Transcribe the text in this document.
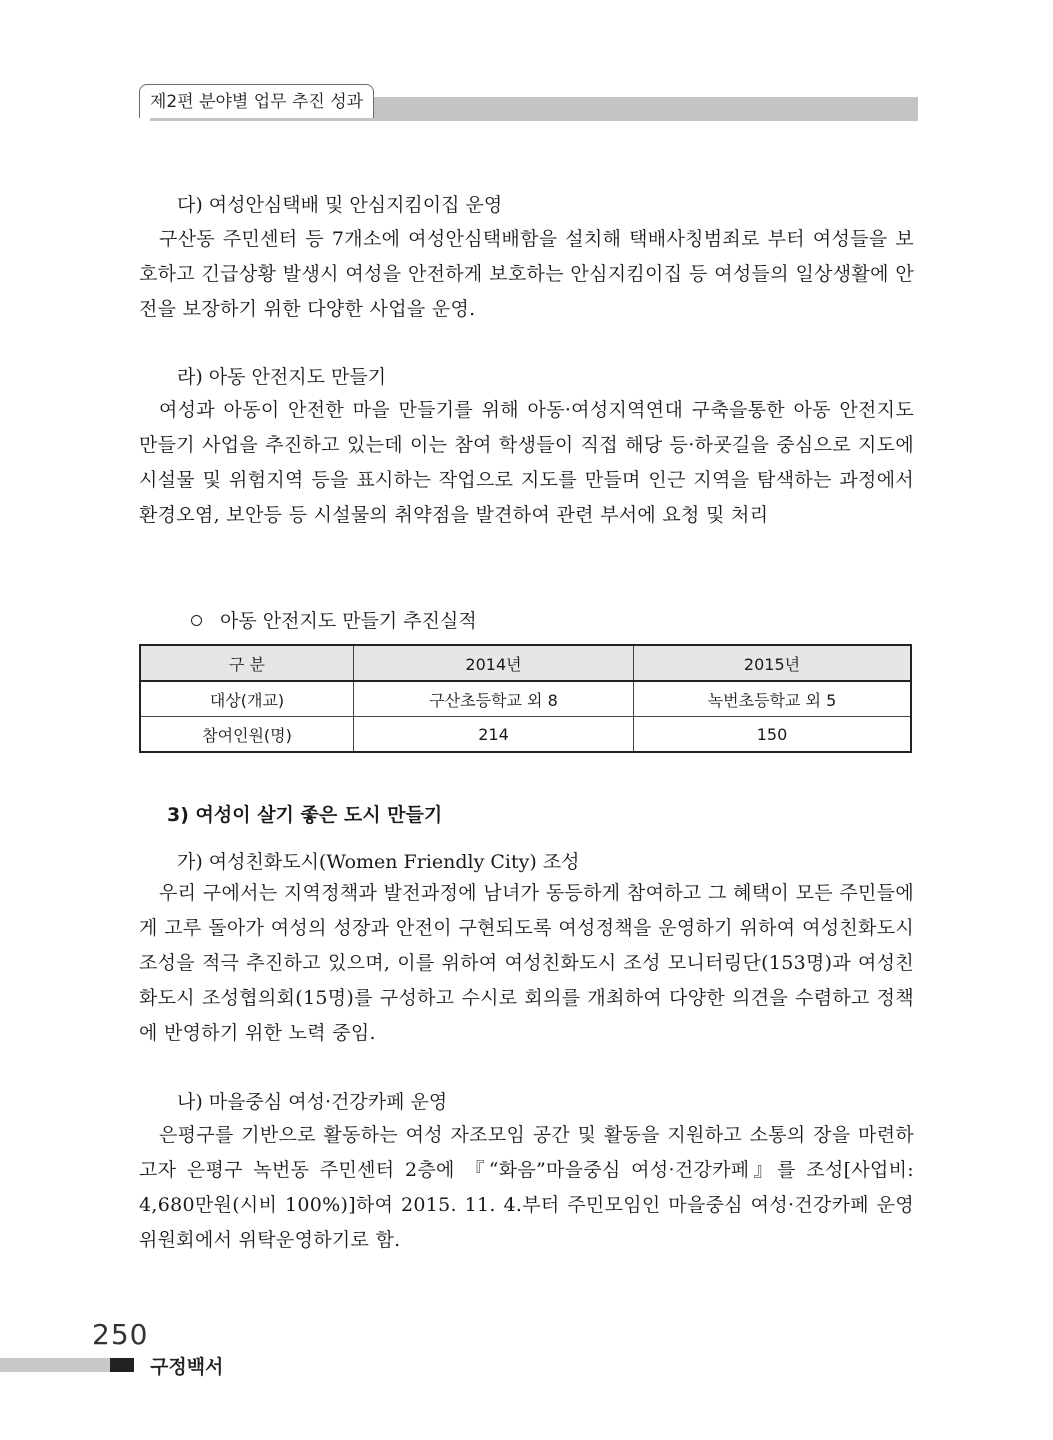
제2편 분야별 업무 추진 성과
다) 여성안심택배 및 안심지킴이집 운영
구산동 주민센터 등 7개소에 여성안심택배함을 설치해 택배사칭범죄로 부터 여성들을 보호하고 긴급상황 발생시 여성을 안전하게 보호하는 안심지킴이집 등 여성들의 일상생활에 안전을 보장하기 위한 다양한 사업을 운영.
라) 아동 안전지도 만들기
여성과 아동이 안전한 마을 만들기를 위해 아동·여성지역연대 구축을통한 아동 안전지도 만들기 사업을 추진하고 있는데 이는 참여 학생들이 직접 해당 등·하굣길을 중심으로 지도에 시설물 및 위험지역 등을 표시하는 작업으로 지도를 만들며 인근 지역을 탐색하는 과정에서 환경오염, 보안등 등 시설물의 취약점을 발견하여 관련 부서에 요청 및 처리
아동 안전지도 만들기 추진실적
구 분	2014년	2015년
대상(개교)	구산초등학교 외 8	녹번초등학교 외 5
참여인원(명)	214	150
3) 여성이 살기 좋은 도시 만들기
가) 여성친화도시(Women Friendly City) 조성
우리 구에서는 지역정책과 발전과정에 남녀가 동등하게 참여하고 그 혜택이 모든 주민들에게 고루 돌아가 여성의 성장과 안전이 구현되도록 여성정책을 운영하기 위하여 여성친화도시 조성을 적극 추진하고 있으며, 이를 위하여 여성친화도시 조성 모니터링단(153명)과 여성친화도시 조성협의회(15명)를 구성하고 수시로 회의를 개최하여 다양한 의견을 수렴하고 정책에 반영하기 위한 노력 중임.
나) 마을중심 여성·건강카페 운영
은평구를 기반으로 활동하는 여성 자조모임 공간 및 활동을 지원하고 소통의 장을 마련하고자 은평구 녹번동 주민센터 2층에 『“화음”마을중심 여성·건강카페』를 조성[사업비: 4,680만원(시비 100%)]하여 2015. 11. 4.부터 주민모임인 마을중심 여성·건강카페 운영위원회에서 위탁운영하기로 함.
250
구정백서
